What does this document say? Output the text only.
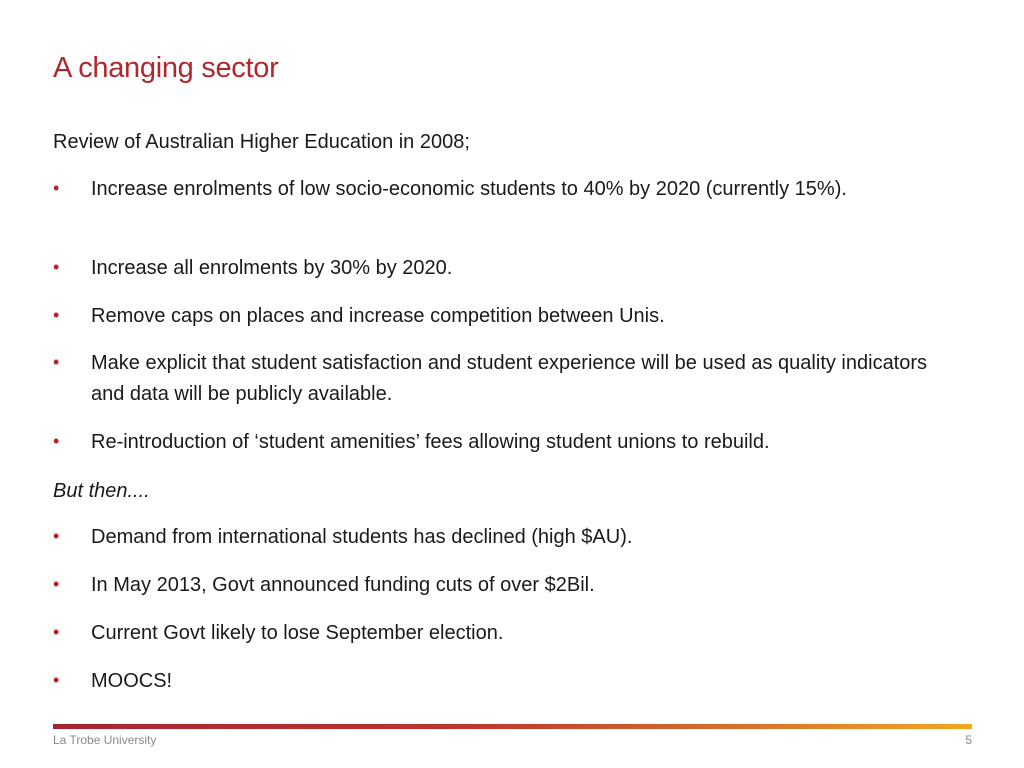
A changing sector
Review of Australian Higher Education in 2008;
• Increase enrolments of low socio-economic students to 40% by 2020 (currently 15%).
• Increase all enrolments by 30% by 2020.
• Remove caps on places and increase competition between Unis.
• Make explicit that student satisfaction and student experience will be used as quality indicators and data will be publicly available.
• Re-introduction of ‘student amenities’ fees allowing student unions to rebuild.
But then....
• Demand from international students has declined (high $AU).
• In May 2013, Govt announced funding cuts of over $2Bil.
• Current Govt likely to lose September election.
• MOOCS!
La Trobe University	5
